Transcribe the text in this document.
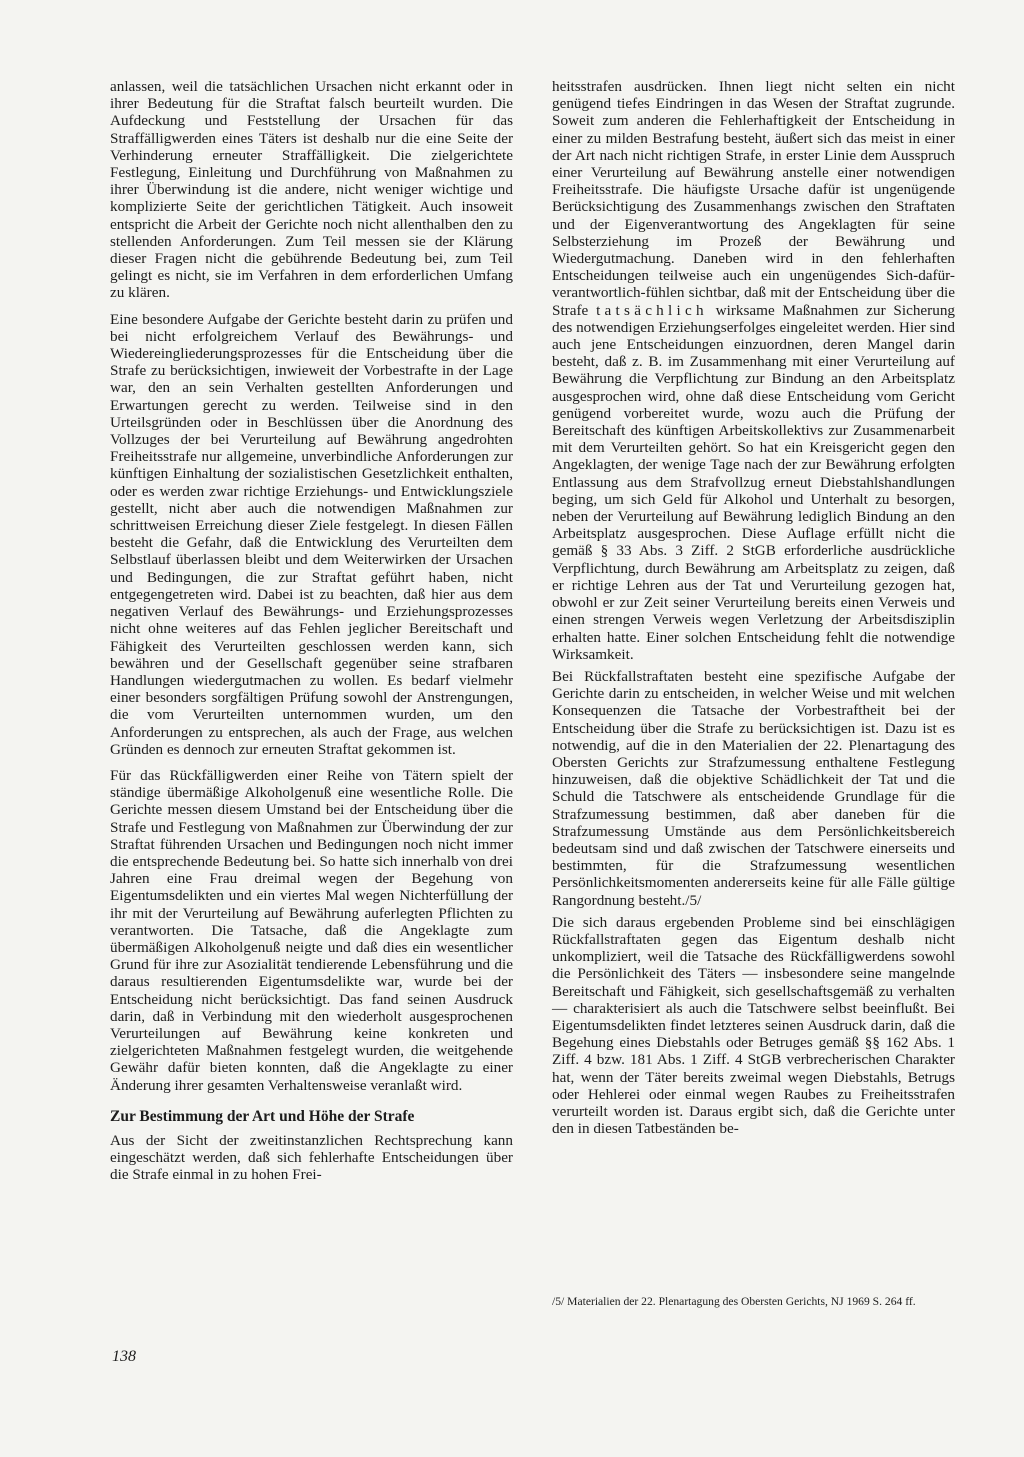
anlassen, weil die tatsächlichen Ursachen nicht erkannt oder in ihrer Bedeutung für die Straftat falsch beurteilt wurden. Die Aufdeckung und Feststellung der Ursachen für das Straffälligwerden eines Täters ist deshalb nur die eine Seite der Verhinderung erneuter Straffälligkeit. Die zielgerichtete Festlegung, Einleitung und Durchführung von Maßnahmen zu ihrer Überwindung ist die andere, nicht weniger wichtige und komplizierte Seite der gerichtlichen Tätigkeit. Auch insoweit entspricht die Arbeit der Gerichte noch nicht allenthalben den zu stellenden Anforderungen. Zum Teil messen sie der Klärung dieser Fragen nicht die gebührende Bedeutung bei, zum Teil gelingt es nicht, sie im Verfahren in dem erforderlichen Umfang zu klären.

Eine besondere Aufgabe der Gerichte besteht darin zu prüfen und bei nicht erfolgreichem Verlauf des Bewährungs- und Wiedereingliederungsprozesses für die Entscheidung über die Strafe zu berücksichtigen, inwieweit der Vorbestrafte in der Lage war, den an sein Verhalten gestellten Anforderungen und Erwartungen gerecht zu werden. Teilweise sind in den Urteilsgründen oder in Beschlüssen über die Anordnung des Vollzuges der bei Verurteilung auf Bewährung angedrohten Freiheitsstrafe nur allgemeine, unverbindliche Anforderungen zur künftigen Einhaltung der sozialistischen Gesetzlichkeit enthalten, oder es werden zwar richtige Erziehungs- und Entwicklungsziele gestellt, nicht aber auch die notwendigen Maßnahmen zur schrittweisen Erreichung dieser Ziele festgelegt. In diesen Fällen besteht die Gefahr, daß die Entwicklung des Verurteilten dem Selbstlauf überlassen bleibt und dem Weiterwirken der Ursachen und Bedingungen, die zur Straftat geführt haben, nicht entgegengetreten wird. Dabei ist zu beachten, daß hier aus dem negativen Verlauf des Bewährungs- und Erziehungsprozesses nicht ohne weiteres auf das Fehlen jeglicher Bereitschaft und Fähigkeit des Verurteilten geschlossen werden kann, sich bewähren und der Gesellschaft gegenüber seine strafbaren Handlungen wiedergutmachen zu wollen. Es bedarf vielmehr einer besonders sorgfältigen Prüfung sowohl der Anstrengungen, die vom Verurteilten unternommen wurden, um den Anforderungen zu entsprechen, als auch der Frage, aus welchen Gründen es dennoch zur erneuten Straftat gekommen ist.

Für das Rückfälligwerden einer Reihe von Tätern spielt der ständige übermäßige Alkoholgenuß eine wesentliche Rolle. Die Gerichte messen diesem Umstand bei der Entscheidung über die Strafe und Festlegung von Maßnahmen zur Überwindung der zur Straftat führenden Ursachen und Bedingungen noch nicht immer die entsprechende Bedeutung bei. So hatte sich innerhalb von drei Jahren eine Frau dreimal wegen der Begehung von Eigentumsdelikten und ein viertes Mal wegen Nichterfüllung der ihr mit der Verurteilung auf Bewährung auferlegten Pflichten zu verantworten. Die Tatsache, daß die Angeklagte zum übermäßigen Alkoholgenuß neigte und daß dies ein wesentlicher Grund für ihre zur Asozialität tendierende Lebensführung und die daraus resultierenden Eigentumsdelikte war, wurde bei der Entscheidung nicht berücksichtigt. Das fand seinen Ausdruck darin, daß in Verbindung mit den wiederholt ausgesprochenen Verurteilungen auf Bewährung keine konkreten und zielgerichteten Maßnahmen festgelegt wurden, die weitgehende Gewähr dafür bieten konnten, daß die Angeklagte zu einer Änderung ihrer gesamten Verhaltensweise veranlaßt wird.

Zur Bestimmung der Art und Höhe der Strafe

Aus der Sicht der zweitinstanzlichen Rechtsprechung kann eingeschätzt werden, daß sich fehlerhafte Entscheidungen über die Strafe einmal in zu hohen Frei-

heitsstrafen ausdrücken. Ihnen liegt nicht selten ein nicht genügend tiefes Eindringen in das Wesen der Straftat zugrunde. Soweit zum anderen die Fehlerhaftigkeit der Entscheidung in einer zu milden Bestrafung besteht, äußert sich das meist in einer der Art nach nicht richtigen Strafe, in erster Linie dem Ausspruch einer Verurteilung auf Bewährung anstelle einer notwendigen Freiheitsstrafe. Die häufigste Ursache dafür ist ungenügende Berücksichtigung des Zusammenhangs zwischen den Straftaten und der Eigenverantwortung des Angeklagten für seine Selbsterziehung im Prozeß der Bewährung und Wiedergutmachung. Daneben wird in den fehlerhaften Entscheidungen teilweise auch ein ungenügendes Sich-dafür-verantwortlich-fühlen sichtbar, daß mit der Entscheidung über die Strafe tatsächlich wirksame Maßnahmen zur Sicherung des notwendigen Erziehungserfolges eingeleitet werden. Hier sind auch jene Entscheidungen einzuordnen, deren Mangel darin besteht, daß z. B. im Zusammenhang mit einer Verurteilung auf Bewährung die Verpflichtung zur Bindung an den Arbeitsplatz ausgesprochen wird, ohne daß diese Entscheidung vom Gericht genügend vorbereitet wurde, wozu auch die Prüfung der Bereitschaft des künftigen Arbeitskollektivs zur Zusammenarbeit mit dem Verurteilten gehört. So hat ein Kreisgericht gegen den Angeklagten, der wenige Tage nach der zur Bewährung erfolgten Entlassung aus dem Strafvollzug erneut Diebstahlshandlungen beging, um sich Geld für Alkohol und Unterhalt zu besorgen, neben der Verurteilung auf Bewährung lediglich Bindung an den Arbeitsplatz ausgesprochen. Diese Auflage erfüllt nicht die gemäß § 33 Abs. 3 Ziff. 2 StGB erforderliche ausdrückliche Verpflichtung, durch Bewährung am Arbeitsplatz zu zeigen, daß er richtige Lehren aus der Tat und Verurteilung gezogen hat, obwohl er zur Zeit seiner Verurteilung bereits einen Verweis und einen strengen Verweis wegen Verletzung der Arbeitsdisziplin erhalten hatte. Einer solchen Entscheidung fehlt die notwendige Wirksamkeit.

Bei Rückfallstraftaten besteht eine spezifische Aufgabe der Gerichte darin zu entscheiden, in welcher Weise und mit welchen Konsequenzen die Tatsache der Vorbestraftheit bei der Entscheidung über die Strafe zu berücksichtigen ist. Dazu ist es notwendig, auf die in den Materialien der 22. Plenartagung des Obersten Gerichts zur Strafzumessung enthaltene Festlegung hinzuweisen, daß die objektive Schädlichkeit der Tat und die Schuld die Tatschwere als entscheidende Grundlage für die Strafzumessung bestimmen, daß aber daneben für die Strafzumessung Umstände aus dem Persönlichkeitsbereich bedeutsam sind und daß zwischen der Tatschwere einerseits und bestimmten, für die Strafzumessung wesentlichen Persönlichkeitsmomenten andererseits keine für alle Fälle gültige Rangordnung besteht./5/

Die sich daraus ergebenden Probleme sind bei einschlägigen Rückfallstraftaten gegen das Eigentum deshalb nicht unkompliziert, weil die Tatsache des Rückfälligwerdens sowohl die Persönlichkeit des Täters — insbesondere seine mangelnde Bereitschaft und Fähigkeit, sich gesellschaftsgemäß zu verhalten — charakterisiert als auch die Tatschwere selbst beeinflußt. Bei Eigentumsdelikten findet letzteres seinen Ausdruck darin, daß die Begehung eines Diebstahls oder Betruges gemäß §§ 162 Abs. 1 Ziff. 4 bzw. 181 Abs. 1 Ziff. 4 StGB verbrecherischen Charakter hat, wenn der Täter bereits zweimal wegen Diebstahls, Betrugs oder Hehlerei oder einmal wegen Raubes zu Freiheitsstrafen verurteilt worden ist. Daraus ergibt sich, daß die Gerichte unter den in diesen Tatbeständen be-

/5/ Materialien der 22. Plenartagung des Obersten Gerichts, NJ 1969 S. 264 ff.
138
